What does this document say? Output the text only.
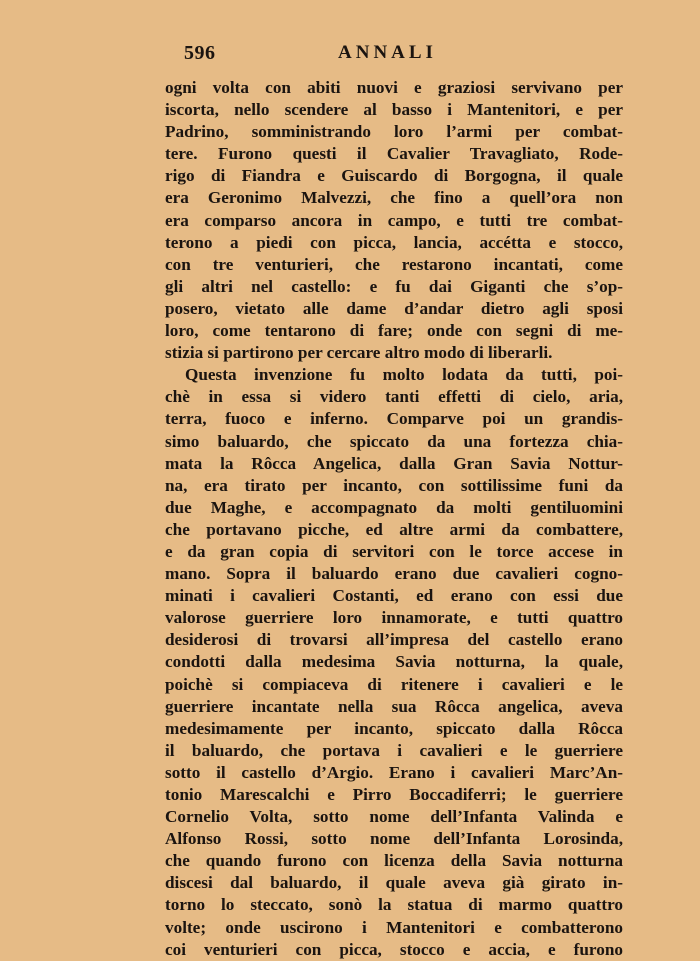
596	ANNALI
ogni volta con abiti nuovi e graziosi servivano per
iscorta, nello scendere al basso i Mantenitori, e per
Padrino, somministrando loro l’armi per combat-
tere. Furono questi il Cavalier Travagliato, Rode-
rigo di Fiandra e Guiscardo di Borgogna, il quale
era Geronimo Malvezzi, che fino a quell’ora non
era comparso ancora in campo, e tutti tre combat-
terono a piedi con picca, lancia, accétta e stocco,
con tre venturieri, che restarono incantati, come
gli altri nel castello: e fu dai Giganti che s’op-
posero, vietato alle dame d’andar dietro agli sposi
loro, come tentarono di fare; onde con segni di me-
stizia si partirono per cercare altro modo di liberarli.
Questa invenzione fu molto lodata da tutti, poi-
chè in essa si videro tanti effetti di cielo, aria,
terra, fuoco e inferno. Comparve poi un grandis-
simo baluardo, che spiccato da una fortezza chia-
mata la Rôcca Angelica, dalla Gran Savia Nottur-
na, era tirato per incanto, con sottilissime funi da
due Maghe, e accompagnato da molti gentiluomini
che portavano picche, ed altre armi da combattere,
e da gran copia di servitori con le torce accese in
mano. Sopra il baluardo erano due cavalieri cogno-
minati i cavalieri Costanti, ed erano con essi due
valorose guerriere loro innamorate, e tutti quattro
desiderosi di trovarsi all’impresa del castello erano
condotti dalla medesima Savia notturna, la quale,
poichè si compiaceva di ritenere i cavalieri e le
guerriere incantate nella sua Rôcca angelica, aveva
medesimamente per incanto, spiccato dalla Rôcca
il baluardo, che portava i cavalieri e le guerriere
sotto il castello d’Argio. Erano i cavalieri Marc’An-
tonio Marescalchi e Pirro Boccadiferri; le guerriere
Cornelio Volta, sotto nome dell’Infanta Valinda e
Alfonso Rossi, sotto nome dell’Infanta Lorosinda,
che quando furono con licenza della Savia notturna
discesi dal baluardo, il quale aveva già girato in-
torno lo steccato, sonò la statua di marmo quattro
volte; onde uscirono i Mantenitori e combatterono
coi venturieri con picca, stocco e accia, e furono
